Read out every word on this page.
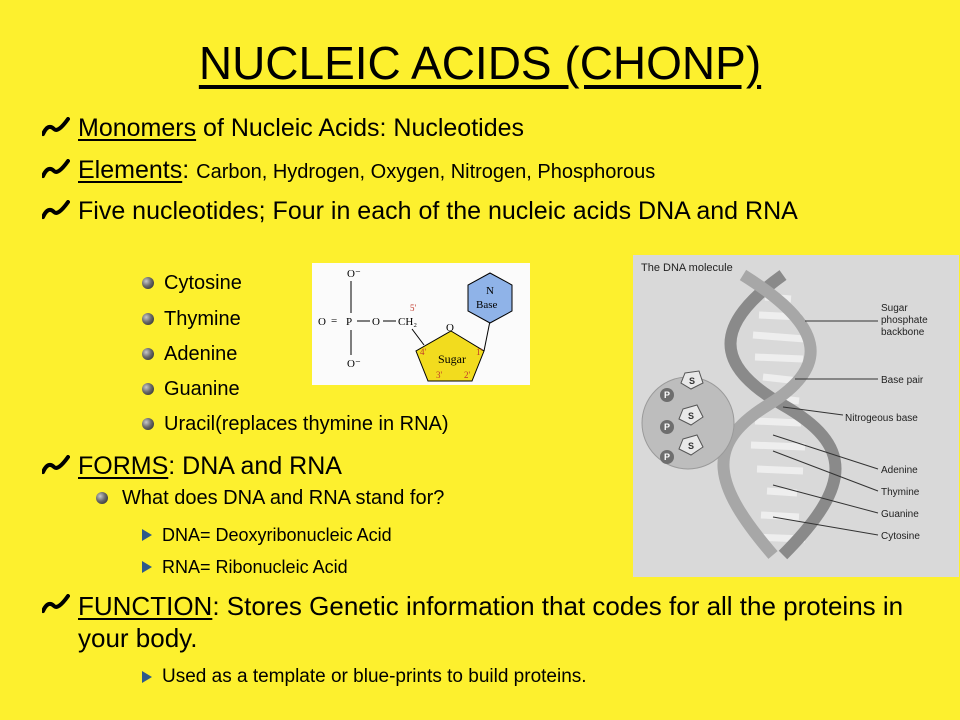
NUCLEIC ACIDS (CHONP)
Monomers of Nucleic Acids: Nucleotides
Elements: Carbon, Hydrogen, Oxygen, Nitrogen, Phosphorous
Five nucleotides; Four in each of the nucleic acids DNA and RNA
Cytosine
Thymine
Adenine
Guanine
Uracil(replaces thymine in RNA)
FORMS: DNA and RNA
What does DNA and RNA stand for?
DNA= Deoxyribonucleic Acid
RNA= Ribonucleic Acid
FUNCTION: Stores Genetic information that codes for all the proteins in your body.
Used as a template or blue-prints to build proteins.
O⁻
O = P O CH₂
O⁻
5'
O
Sugar
4'
3' 2'
1'
N
Base
The DNA molecule
P
S
P
S
P
S
Sugar
phosphate
backbone
Base pair
Nitrogeous base
Adenine
Thymine
Guanine
Cytosine
